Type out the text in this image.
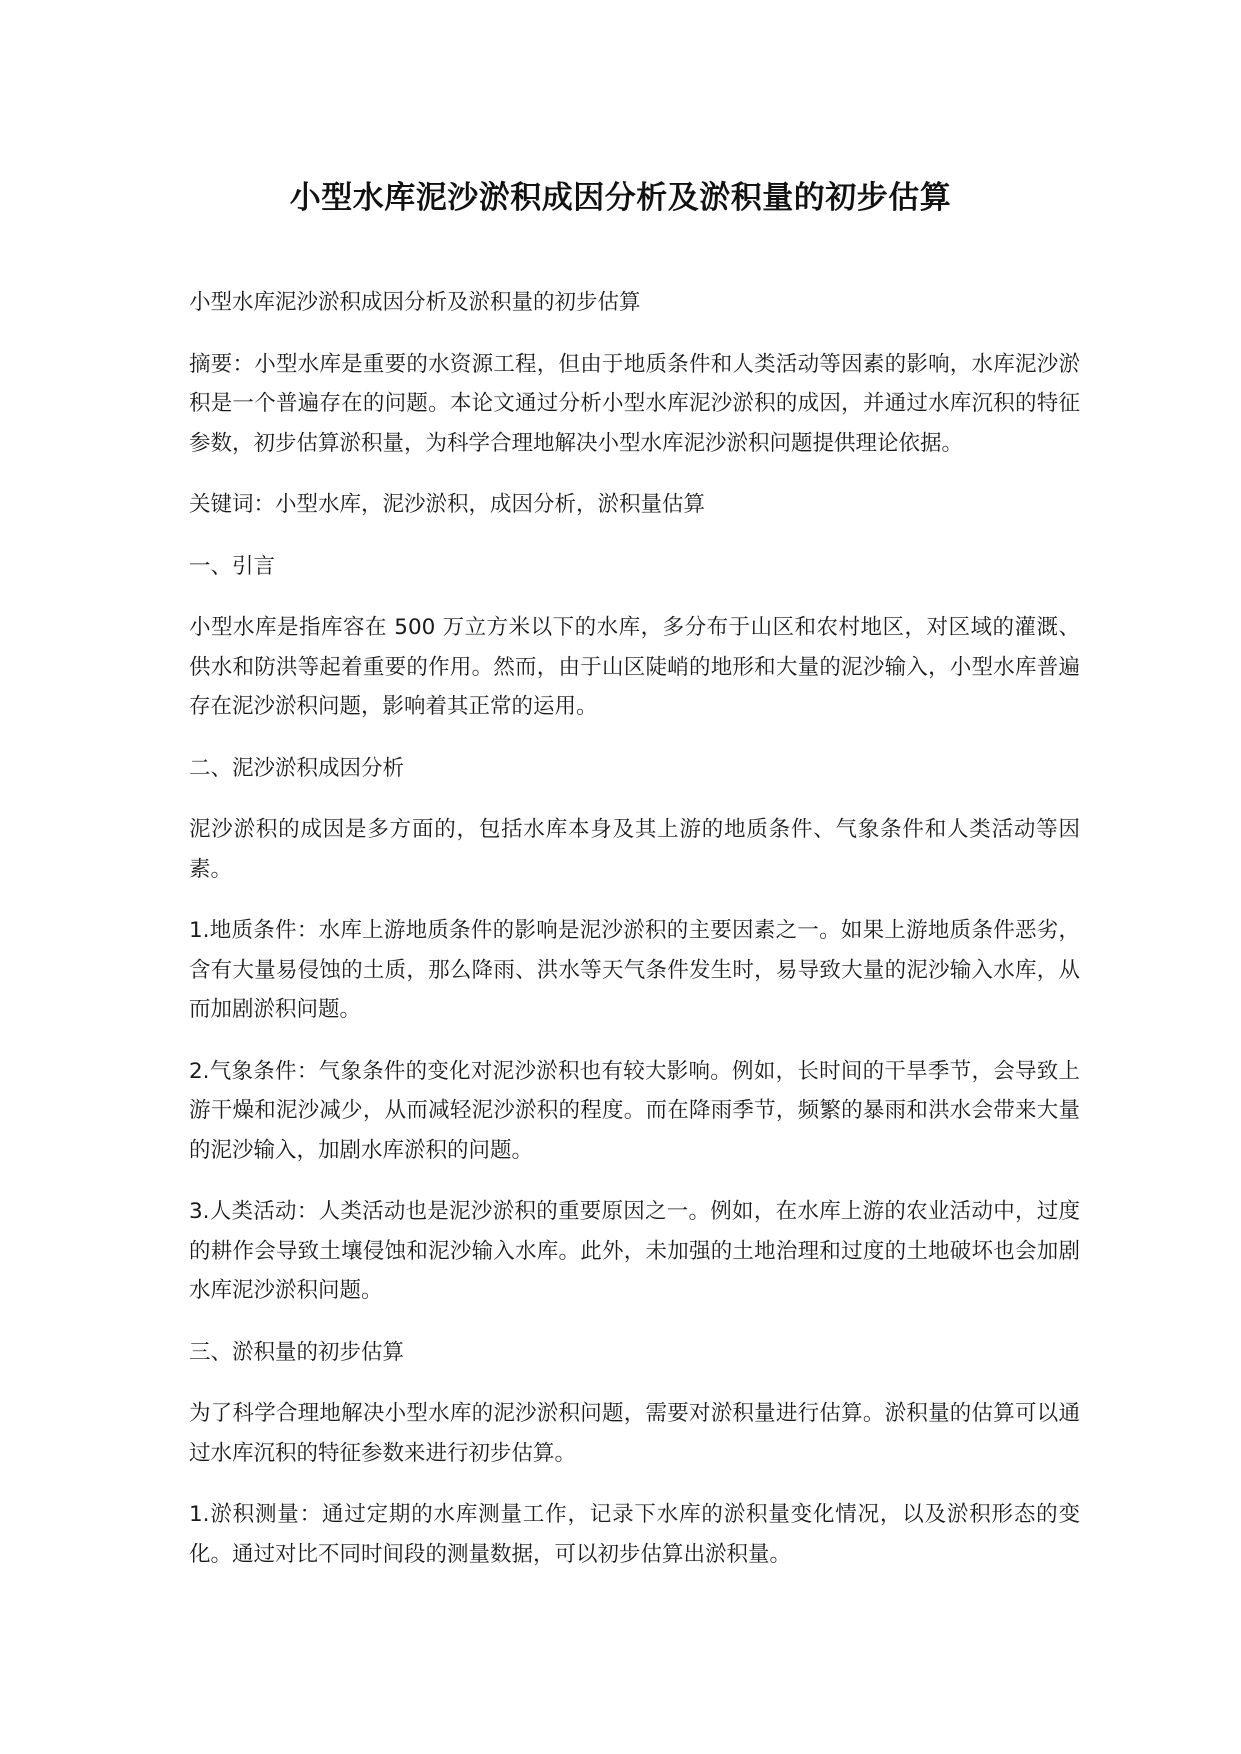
小型水库泥沙淤积成因分析及淤积量的初步估算

小型水库泥沙淤积成因分析及淤积量的初步估算

摘要：小型水库是重要的水资源工程，但由于地质条件和人类活动等因素的影响，水库泥沙淤积是一个普遍存在的问题。本论文通过分析小型水库泥沙淤积的成因，并通过水库沉积的特征参数，初步估算淤积量，为科学合理地解决小型水库泥沙淤积问题提供理论依据。

关键词：小型水库，泥沙淤积，成因分析，淤积量估算

一、引言

小型水库是指库容在 500 万立方米以下的水库，多分布于山区和农村地区，对区域的灌溉、供水和防洪等起着重要的作用。然而，由于山区陡峭的地形和大量的泥沙输入，小型水库普遍存在泥沙淤积问题，影响着其正常的运用。

二、泥沙淤积成因分析

泥沙淤积的成因是多方面的，包括水库本身及其上游的地质条件、气象条件和人类活动等因素。

1.地质条件：水库上游地质条件的影响是泥沙淤积的主要因素之一。如果上游地质条件恶劣，含有大量易侵蚀的土质，那么降雨、洪水等天气条件发生时，易导致大量的泥沙输入水库，从而加剧淤积问题。

2.气象条件：气象条件的变化对泥沙淤积也有较大影响。例如，长时间的干旱季节，会导致上游干燥和泥沙减少，从而减轻泥沙淤积的程度。而在降雨季节，频繁的暴雨和洪水会带来大量的泥沙输入，加剧水库淤积的问题。

3.人类活动：人类活动也是泥沙淤积的重要原因之一。例如，在水库上游的农业活动中，过度的耕作会导致土壤侵蚀和泥沙输入水库。此外，未加强的土地治理和过度的土地破坏也会加剧水库泥沙淤积问题。

三、淤积量的初步估算

为了科学合理地解决小型水库的泥沙淤积问题，需要对淤积量进行估算。淤积量的估算可以通过水库沉积的特征参数来进行初步估算。

1.淤积测量：通过定期的水库测量工作，记录下水库的淤积量变化情况，以及淤积形态的变化。通过对比不同时间段的测量数据，可以初步估算出淤积量。
